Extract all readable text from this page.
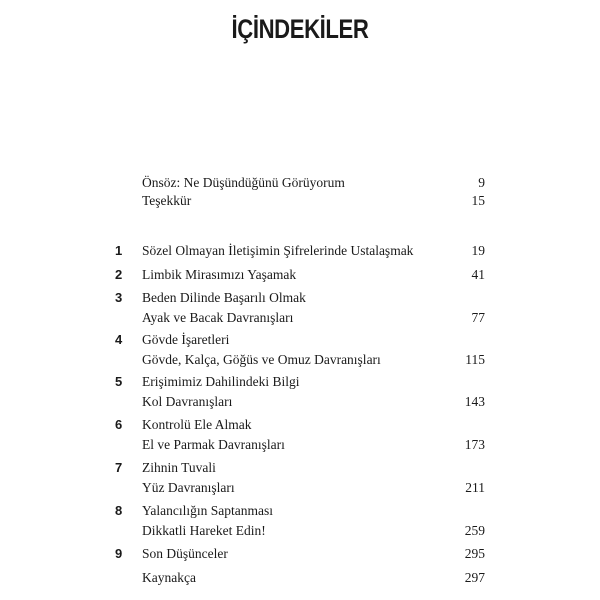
İÇİNDEKİLER
Önsöz: Ne Düşündüğünü Görüyorum	9
Teşekkür	15
1	Sözel Olmayan İletişimin Şifrelerinde Ustalaşmak	19
2	Limbik Mirasımızı Yaşamak	41
3	Beden Dilinde Başarılı Olmak
Ayak ve Bacak Davranışları	77
4	Gövde İşaretleri
Gövde, Kalça, Göğüs ve Omuz Davranışları	115
5	Erişimimiz Dahilindeki Bilgi
Kol Davranışları	143
6	Kontrolü Ele Almak
El ve Parmak Davranışları	173
7	Zihnin Tuvali
Yüz Davranışları	211
8	Yalancılığın Saptanması
Dikkatli Hareket Edin!	259
9	Son Düşünceler	295
Kaynakça	297
